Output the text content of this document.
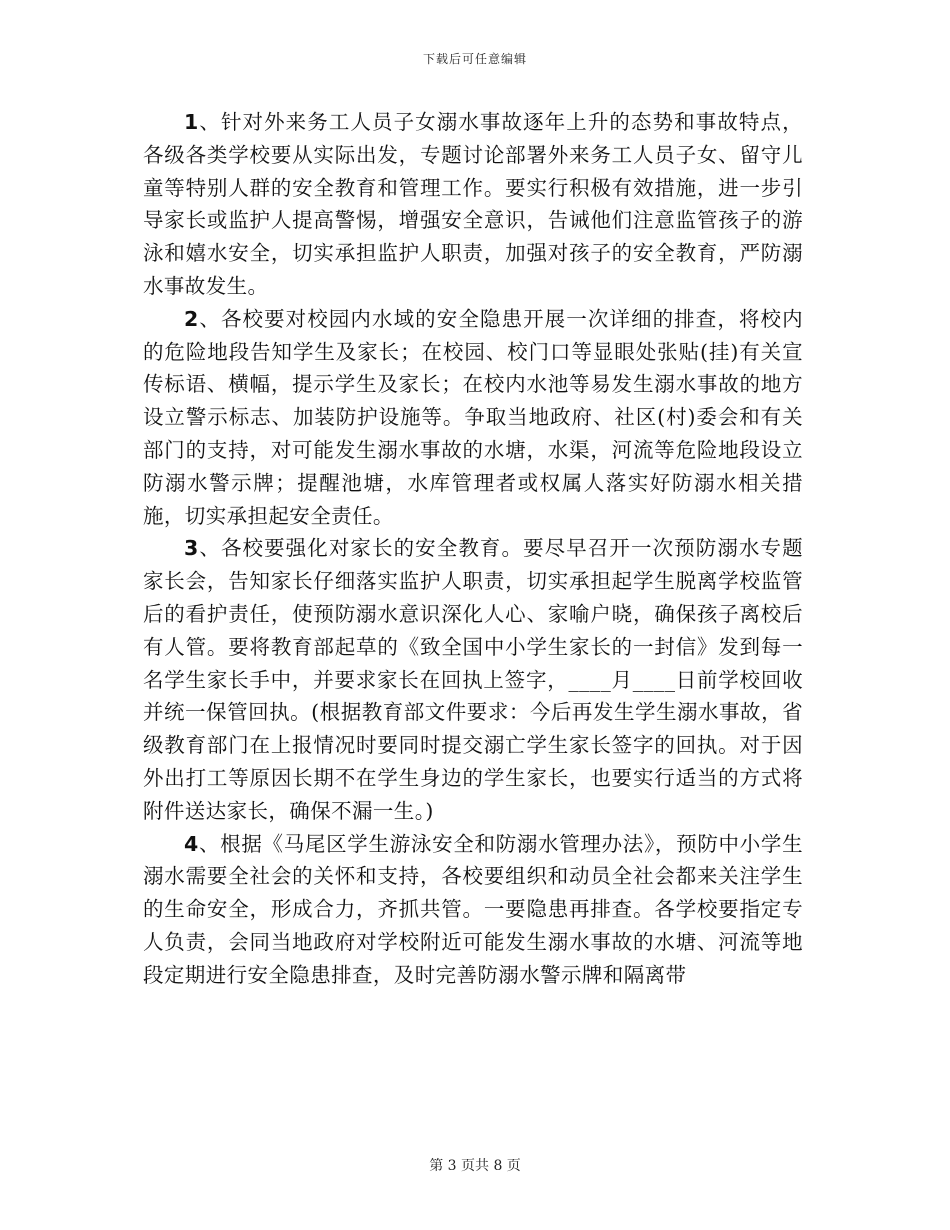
下载后可任意编辑

1、针对外来务工人员子女溺水事故逐年上升的态势和事故特点，各级各类学校要从实际出发，专题讨论部署外来务工人员子女、留守儿童等特别人群的安全教育和管理工作。要实行积极有效措施，进一步引导家长或监护人提高警惕，增强安全意识，告诫他们注意监管孩子的游泳和嬉水安全，切实承担监护人职责，加强对孩子的安全教育，严防溺水事故发生。

2、各校要对校园内水域的安全隐患开展一次详细的排查，将校内的危险地段告知学生及家长；在校园、校门口等显眼处张贴(挂)有关宣传标语、横幅，提示学生及家长；在校内水池等易发生溺水事故的地方设立警示标志、加装防护设施等。争取当地政府、社区(村)委会和有关部门的支持，对可能发生溺水事故的水塘，水渠，河流等危险地段设立防溺水警示牌；提醒池塘，水库管理者或权属人落实好防溺水相关措施，切实承担起安全责任。

3、各校要强化对家长的安全教育。要尽早召开一次预防溺水专题家长会，告知家长仔细落实监护人职责，切实承担起学生脱离学校监管后的看护责任，使预防溺水意识深化人心、家喻户晓，确保孩子离校后有人管。要将教育部起草的《致全国中小学生家长的一封信》发到每一名学生家长手中，并要求家长在回执上签字，____月____日前学校回收并统一保管回执。(根据教育部文件要求：今后再发生学生溺水事故，省级教育部门在上报情况时要同时提交溺亡学生家长签字的回执。对于因外出打工等原因长期不在学生身边的学生家长，也要实行适当的方式将附件送达家长，确保不漏一生。)

4、根据《马尾区学生游泳安全和防溺水管理办法》，预防中小学生溺水需要全社会的关怀和支持，各校要组织和动员全社会都来关注学生的生命安全，形成合力，齐抓共管。一要隐患再排查。各学校要指定专人负责，会同当地政府对学校附近可能发生溺水事故的水塘、河流等地段定期进行安全隐患排查，及时完善防溺水警示牌和隔离带

第 3 页共 8 页
